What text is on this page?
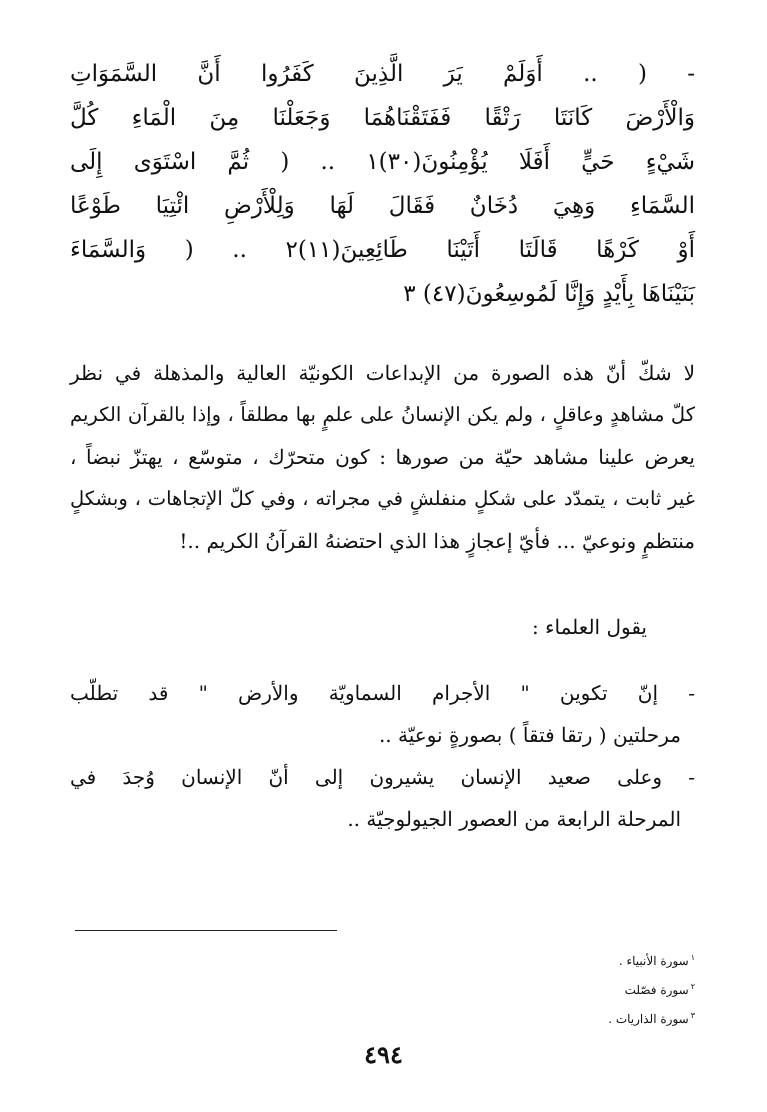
- ( .. أَوَلَمْ يَرَ الَّذِينَ كَفَرُوا أَنَّ السَّمَوَاتِ
وَالْأَرْضَ كَانَتَا رَتْقًا فَفَتَقْنَاهُمَا وَجَعَلْنَا مِنَ الْمَاءِ كُلَّ
شَيْءٍ حَيٍّ أَفَلَا يُؤْمِنُونَ(٣٠)١ .. ( ثُمَّ اسْتَوَى إِلَى
السَّمَاءِ وَهِيَ دُخَانٌ فَقَالَ لَهَا وَلِلْأَرْضِ ائْتِيَا طَوْعًا
أَوْ كَرْهًا قَالَتَا أَتَيْنَا طَائِعِينَ(١١)٢ .. ( وَالسَّمَاءَ
بَنَيْنَاهَا بِأَيْدٍ وَإِنَّا لَمُوسِعُونَ(٤٧) ٣
لا شكّ أنّ هذه الصورة من الإبداعات الكونيّة العالية والمذهلة في نظر
كلّ مشاهدٍ وعاقلٍ ، ولم يكن الإنسانُ على علمٍ بها مطلقاً ، وإذا بالقرآن الكريم
يعرض علينا مشاهد حيّة من صورها : كون متحرّك ، متوسّع ، يهتزّ نبضاً ،
غير ثابت ، يتمدّد على شكلٍ منفلشٍ في مجراته ، وفي كلّ الإتجاهات ، وبشكلٍ
منتظمٍ ونوعيّ ... فأيّ إعجازٍ هذا الذي احتضنهُ القرآنُ الكريم ..!
يقول العلماء :
- إنّ تكوين " الأجرام السماويّة والأرض " قد تطلّب
مرحلتين ( رتقا فتقاً ) بصورةٍ نوعيّة ..
- وعلى صعيد الإنسان يشيرون إلى أنّ الإنسان وُجدَ في
المرحلة الرابعة من العصور الجيولوجيّة ..
$^١$سورة الأنبياء .
$^٢$سورة فصّلت
$^٣$سورة الذاريات .
٤٩٤
